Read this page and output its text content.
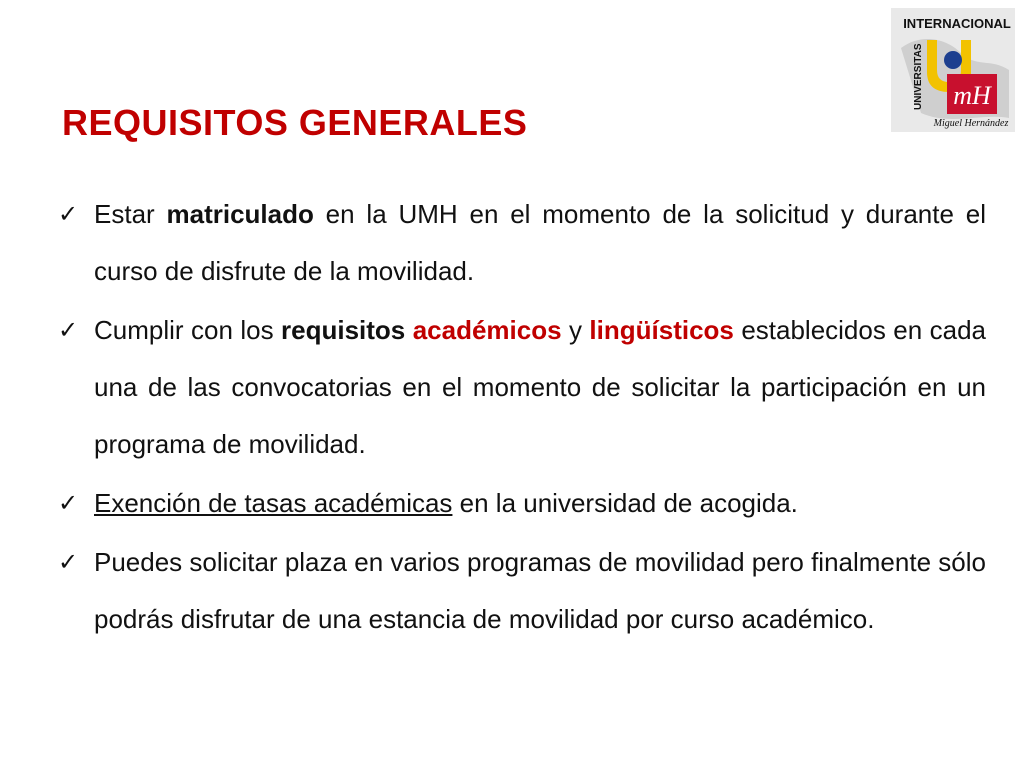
REQUISITOS GENERALES
INTERNACIONAL
UNIVERSITAS mH
Miguel Hernández
✓ Estar matriculado en la UMH en el momento de la solicitud y durante el curso de disfrute de la movilidad.
✓ Cumplir con los requisitos académicos y lingüísticos establecidos en cada una de las convocatorias en el momento de solicitar la participación en un programa de movilidad.
✓ Exención de tasas académicas en la universidad de acogida.
✓ Puedes solicitar plaza en varios programas de movilidad pero finalmente sólo podrás disfrutar de una estancia de movilidad por curso académico.
